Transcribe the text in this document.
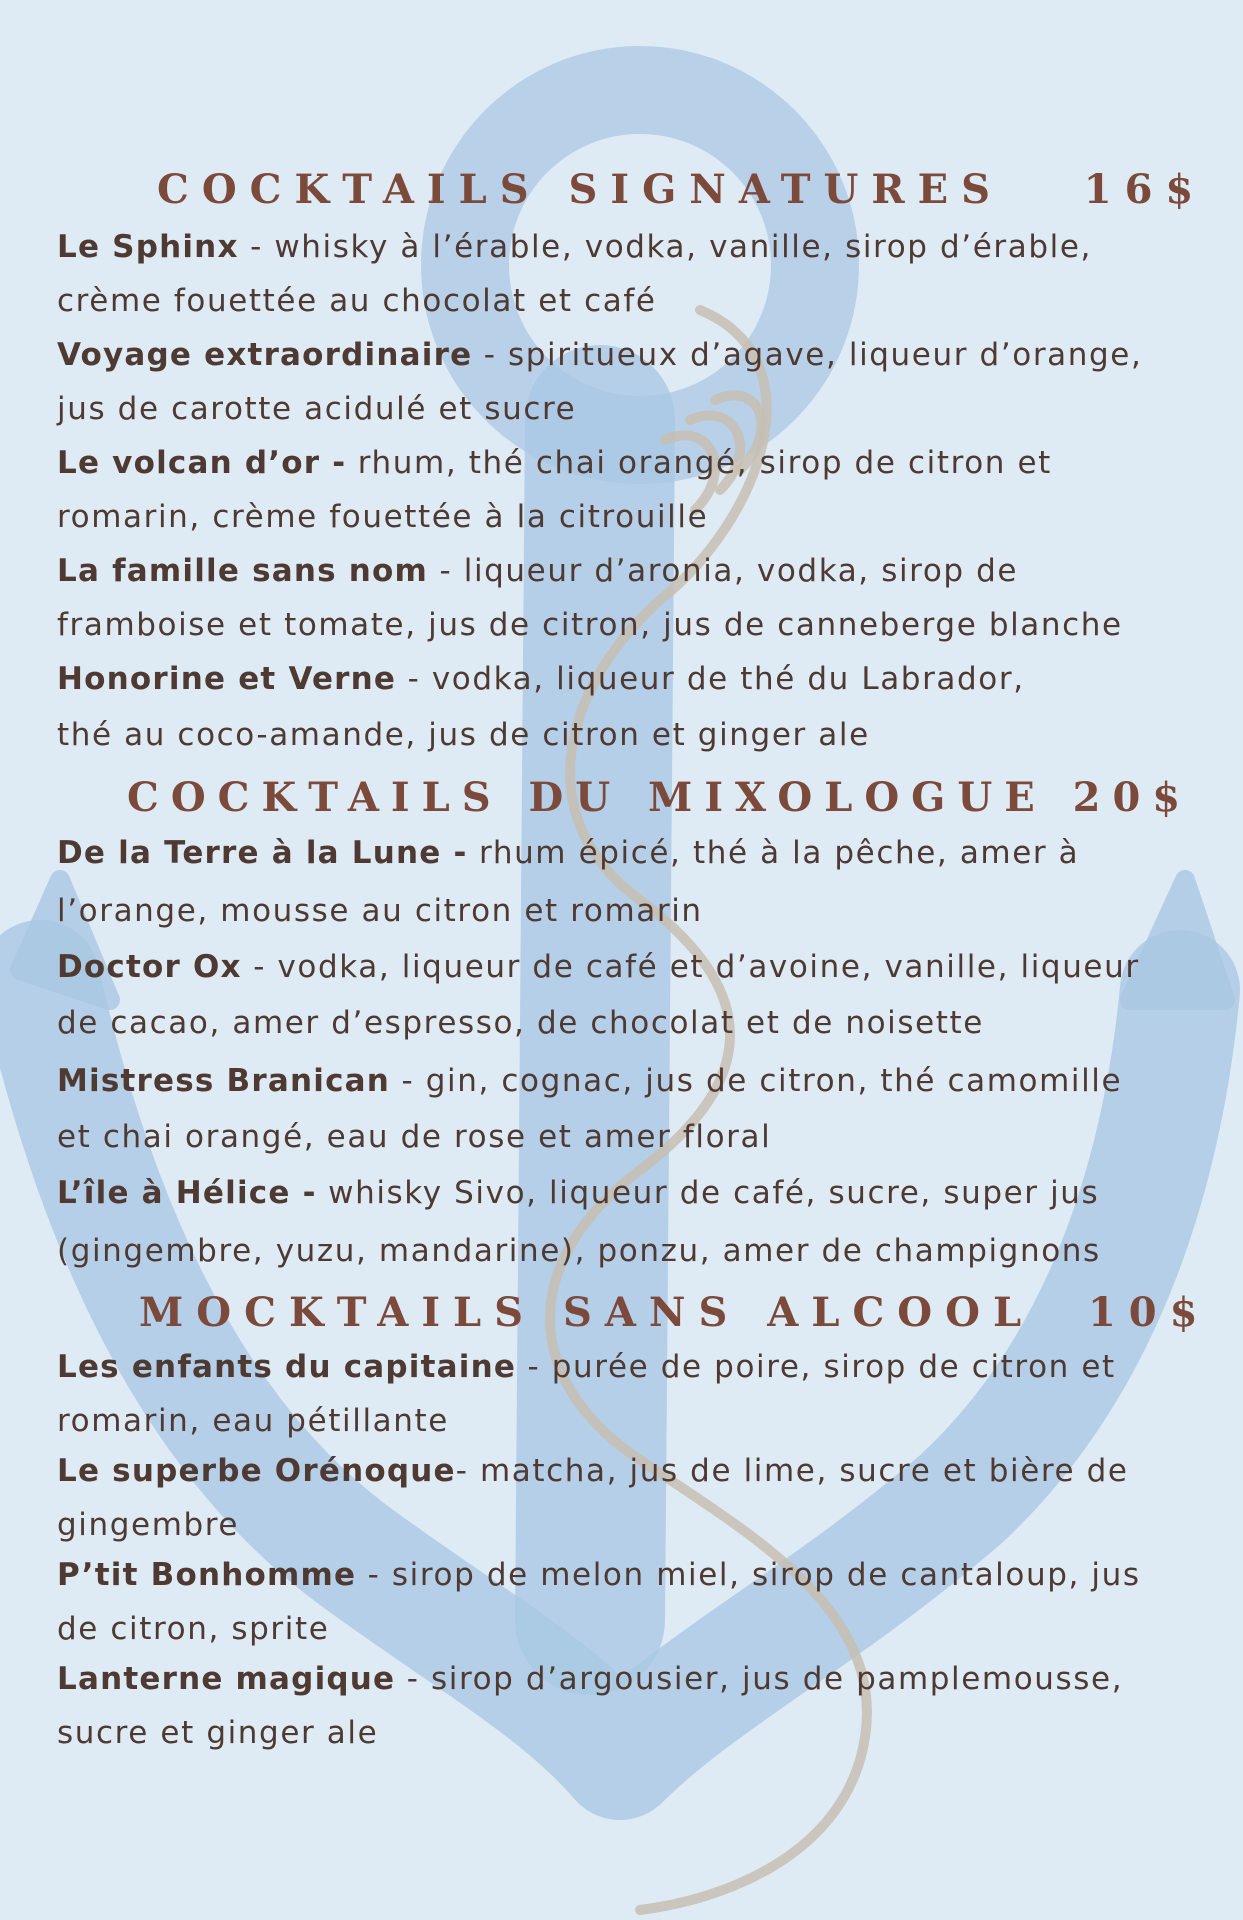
COCKTAILS SIGNATURES 16$
Le Sphinx - whisky à l’érable, vodka, vanille, sirop d’érable,
crème fouettée au chocolat et café
Voyage extraordinaire - spiritueux d’agave, liqueur d’orange,
jus de carotte acidulé et sucre
Le volcan d’or - rhum, thé chai orangé, sirop de citron et
romarin, crème fouettée à la citrouille
La famille sans nom - liqueur d’aronia, vodka, sirop de
framboise et tomate, jus de citron, jus de canneberge blanche
Honorine et Verne - vodka, liqueur de thé du Labrador,
thé au coco-amande, jus de citron et ginger ale
COCKTAILS DU MIXOLOGUE 20$
De la Terre à la Lune - rhum épicé, thé à la pêche, amer à
l’orange, mousse au citron et romarin
Doctor Ox - vodka, liqueur de café et d’avoine, vanille, liqueur
de cacao, amer d’espresso, de chocolat et de noisette
Mistress Branican - gin, cognac, jus de citron, thé camomille
et chai orangé, eau de rose et amer floral
L’île à Hélice - whisky Sivo, liqueur de café, sucre, super jus
(gingembre, yuzu, mandarine), ponzu, amer de champignons
MOCKTAILS SANS ALCOOL 10$
Les enfants du capitaine - purée de poire, sirop de citron et
romarin, eau pétillante
Le superbe Orénoque- matcha, jus de lime, sucre et bière de
gingembre
P’tit Bonhomme - sirop de melon miel, sirop de cantaloup, jus
de citron, sprite
Lanterne magique - sirop d’argousier, jus de pamplemousse,
sucre et ginger ale
